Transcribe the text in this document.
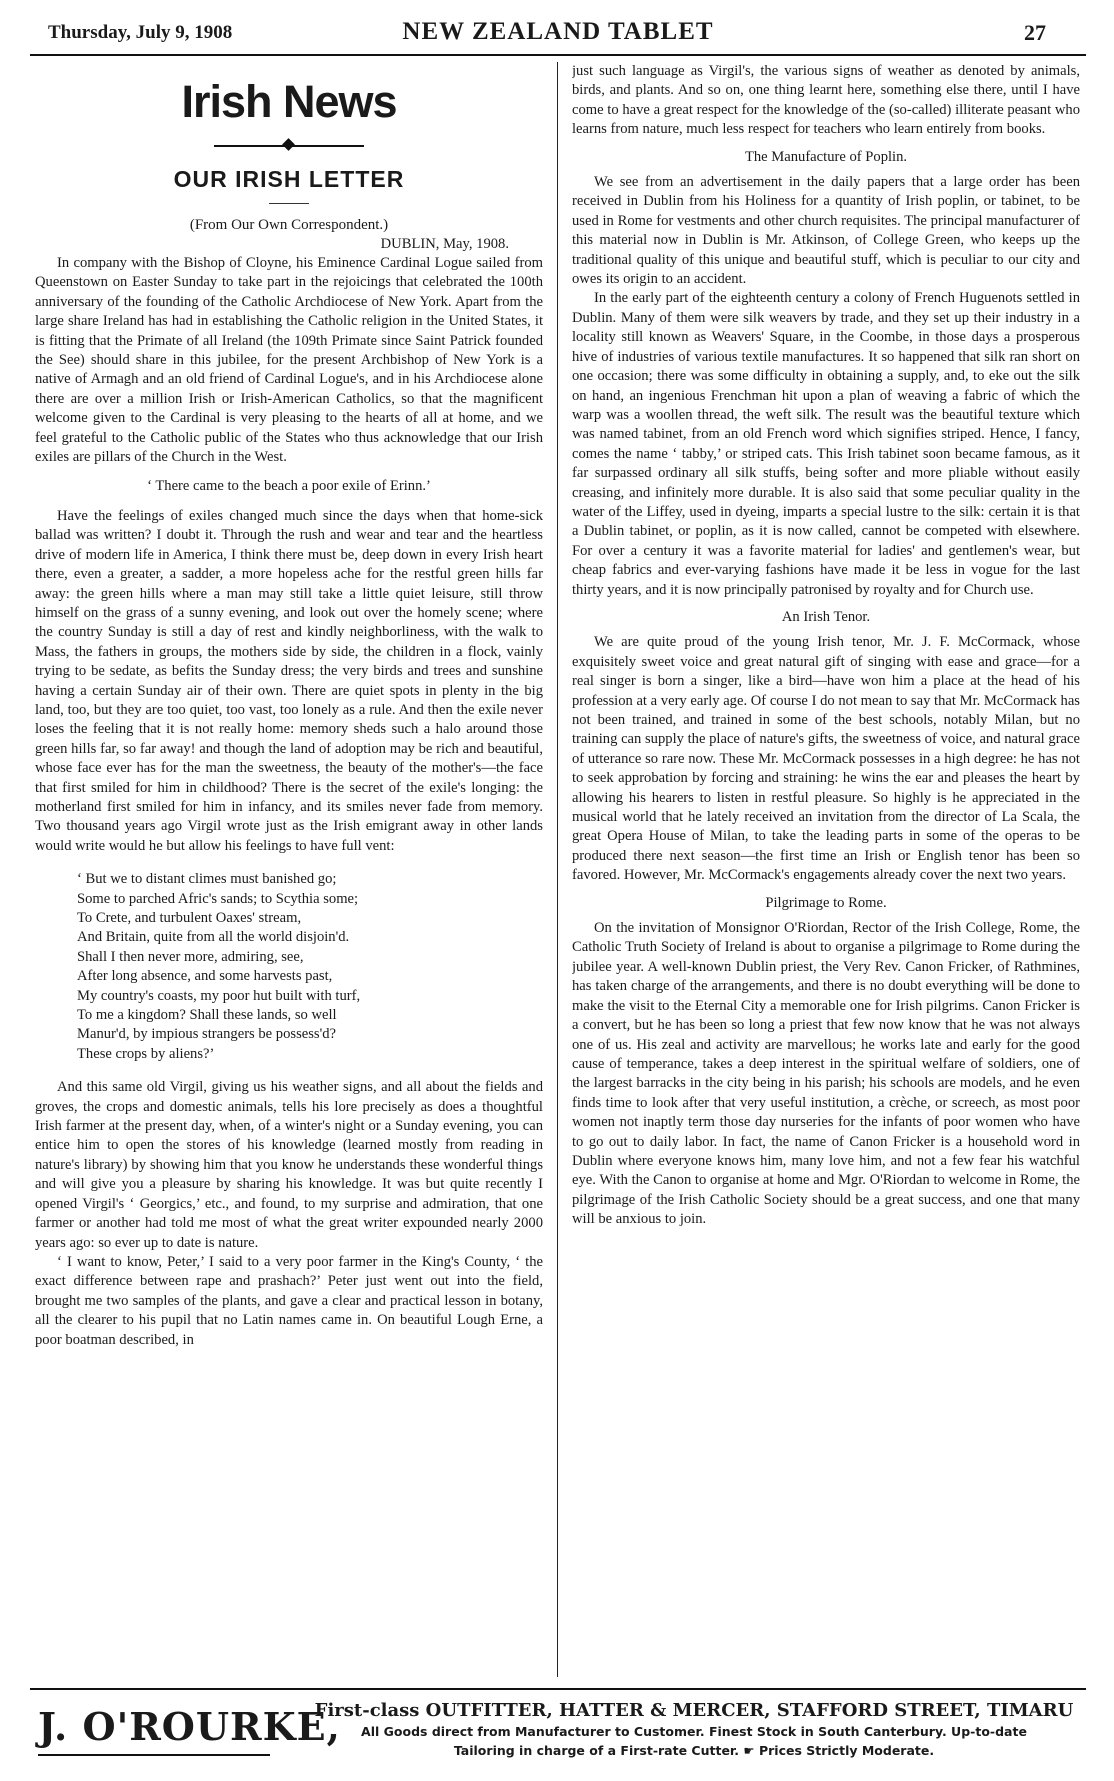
Thursday, July 9, 1908	NEW ZEALAND TABLET	27
Irish News
OUR IRISH LETTER
(From Our Own Correspondent.)
DUBLIN, May, 1908.

In company with the Bishop of Cloyne, his Eminence Cardinal Logue sailed from Queenstown on Easter Sunday to take part in the rejoicings that celebrated the 100th anniversary of the founding of the Catholic Archdiocese of New York. Apart from the large share Ireland has had in establishing the Catholic religion in the United States, it is fitting that the Primate of all Ireland (the 109th Primate since Saint Patrick founded the See) should share in this jubilee, for the present Archbishop of New York is a native of Armagh and an old friend of Cardinal Logue's, and in his Archdiocese alone there are over a million Irish or Irish-American Catholics, so that the magnificent welcome given to the Cardinal is very pleasing to the hearts of all at home, and we feel grateful to the Catholic public of the States who thus acknowledge that our Irish exiles are pillars of the Church in the West.

‘ There came to the beach a poor exile of Erinn.’

Have the feelings of exiles changed much since the days when that home-sick ballad was written? I doubt it. Through the rush and wear and tear and the heartless drive of modern life in America, I think there must be, deep down in every Irish heart there, even a greater, a sadder, a more hopeless ache for the restful green hills far away: the green hills where a man may still take a little quiet leisure, still throw himself on the grass of a sunny evening, and look out over the homely scene; where the country Sunday is still a day of rest and kindly neighborliness, with the walk to Mass, the fathers in groups, the mothers side by side, the children in a flock, vainly trying to be sedate, as befits the Sunday dress; the very birds and trees and sunshine having a certain Sunday air of their own. There are quiet spots in plenty in the big land, too, but they are too quiet, too vast, too lonely as a rule. And then the exile never loses the feeling that it is not really home: memory sheds such a halo around those green hills far, so far away! and though the land of adoption may be rich and beautiful, whose face ever has for the man the sweetness, the beauty of the mother's—the face that first smiled for him in childhood? There is the secret of the exile's longing: the motherland first smiled for him in infancy, and its smiles never fade from memory. Two thousand years ago Virgil wrote just as the Irish emigrant away in other lands would write would he but allow his feelings to have full vent:

‘ But we to distant climes must banished go;
Some to parched Afric's sands; to Scythia some;
To Crete, and turbulent Oaxes' stream,
And Britain, quite from all the world disjoin'd.
Shall I then never more, admiring, see,
After long absence, and some harvests past,
My country's coasts, my poor hut built with turf,
To me a kingdom? Shall these lands, so well
Manur'd, by impious strangers be possess'd?
These crops by aliens?’

And this same old Virgil, giving us his weather signs, and all about the fields and groves, the crops and domestic animals, tells his lore precisely as does a thoughtful Irish farmer at the present day, when, of a winter's night or a Sunday evening, you can entice him to open the stores of his knowledge (learned mostly from reading in nature's library) by showing him that you know he understands these wonderful things and will give you a pleasure by sharing his knowledge. It was but quite recently I opened Virgil's ‘ Georgics,’ etc., and found, to my surprise and admiration, that one farmer or another had told me most of what the great writer expounded nearly 2000 years ago: so ever up to date is nature.

‘ I want to know, Peter,’ I said to a very poor farmer in the King's County, ‘ the exact difference between rape and prashach?’ Peter just went out into the field, brought me two samples of the plants, and gave a clear and practical lesson in botany, all the clearer to his pupil that no Latin names came in. On beautiful Lough Erne, a poor boatman described, in

just such language as Virgil's, the various signs of weather as denoted by animals, birds, and plants. And so on, one thing learnt here, something else there, until I have come to have a great respect for the knowledge of the (so-called) illiterate peasant who learns from nature, much less respect for teachers who learn entirely from books.

The Manufacture of Poplin.

We see from an advertisement in the daily papers that a large order has been received in Dublin from his Holiness for a quantity of Irish poplin, or tabinet, to be used in Rome for vestments and other church requisites. The principal manufacturer of this material now in Dublin is Mr. Atkinson, of College Green, who keeps up the traditional quality of this unique and beautiful stuff, which is peculiar to our city and owes its origin to an accident.

In the early part of the eighteenth century a colony of French Huguenots settled in Dublin. Many of them were silk weavers by trade, and they set up their industry in a locality still known as Weavers' Square, in the Coombe, in those days a prosperous hive of industries of various textile manufactures. It so happened that silk ran short on one occasion; there was some difficulty in obtaining a supply, and, to eke out the silk on hand, an ingenious Frenchman hit upon a plan of weaving a fabric of which the warp was a woollen thread, the weft silk. The result was the beautiful texture which was named tabinet, from an old French word which signifies striped. Hence, I fancy, comes the name ‘ tabby,’ or striped cats. This Irish tabinet soon became famous, as it far surpassed ordinary all silk stuffs, being softer and more pliable without easily creasing, and infinitely more durable. It is also said that some peculiar quality in the water of the Liffey, used in dyeing, imparts a special lustre to the silk: certain it is that a Dublin tabinet, or poplin, as it is now called, cannot be competed with elsewhere. For over a century it was a favorite material for ladies' and gentlemen's wear, but cheap fabrics and ever-varying fashions have made it be less in vogue for the last thirty years, and it is now principally patronised by royalty and for Church use.

An Irish Tenor.

We are quite proud of the young Irish tenor, Mr. J. F. McCormack, whose exquisitely sweet voice and great natural gift of singing with ease and grace—for a real singer is born a singer, like a bird—have won him a place at the head of his profession at a very early age. Of course I do not mean to say that Mr. McCormack has not been trained, and trained in some of the best schools, notably Milan, but no training can supply the place of nature's gifts, the sweetness of voice, and natural grace of utterance so rare now. These Mr. McCormack possesses in a high degree: he has not to seek approbation by forcing and straining: he wins the ear and pleases the heart by allowing his hearers to listen in restful pleasure. So highly is he appreciated in the musical world that he lately received an invitation from the director of La Scala, the great Opera House of Milan, to take the leading parts in some of the operas to be produced there next season—the first time an Irish or English tenor has been so favored. However, Mr. McCormack's engagements already cover the next two years.

Pilgrimage to Rome.

On the invitation of Monsignor O'Riordan, Rector of the Irish College, Rome, the Catholic Truth Society of Ireland is about to organise a pilgrimage to Rome during the jubilee year. A well-known Dublin priest, the Very Rev. Canon Fricker, of Rathmines, has taken charge of the arrangements, and there is no doubt everything will be done to make the visit to the Eternal City a memorable one for Irish pilgrims. Canon Fricker is a convert, but he has been so long a priest that few now know that he was not always one of us. His zeal and activity are marvellous; he works late and early for the good cause of temperance, takes a deep interest in the spiritual welfare of soldiers, one of the largest barracks in the city being in his parish; his schools are models, and he even finds time to look after that very useful institution, a crèche, or screech, as most poor women not inaptly term those day nurseries for the infants of poor women who have to go out to daily labor. In fact, the name of Canon Fricker is a household word in Dublin where everyone knows him, many love him, and not a few fear his watchful eye. With the Canon to organise at home and Mgr. O'Riordan to welcome in Rome, the pilgrimage of the Irish Catholic Society should be a great success, and one that many will be anxious to join.

J. O'ROURKE,
First-class OUTFITTER, HATTER & MERCER, STAFFORD STREET, TIMARU
All Goods direct from Manufacturer to Customer. Finest Stock in South Canterbury. Up-to-date
Tailoring in charge of a First-rate Cutter. ☛ Prices Strictly Moderate.
